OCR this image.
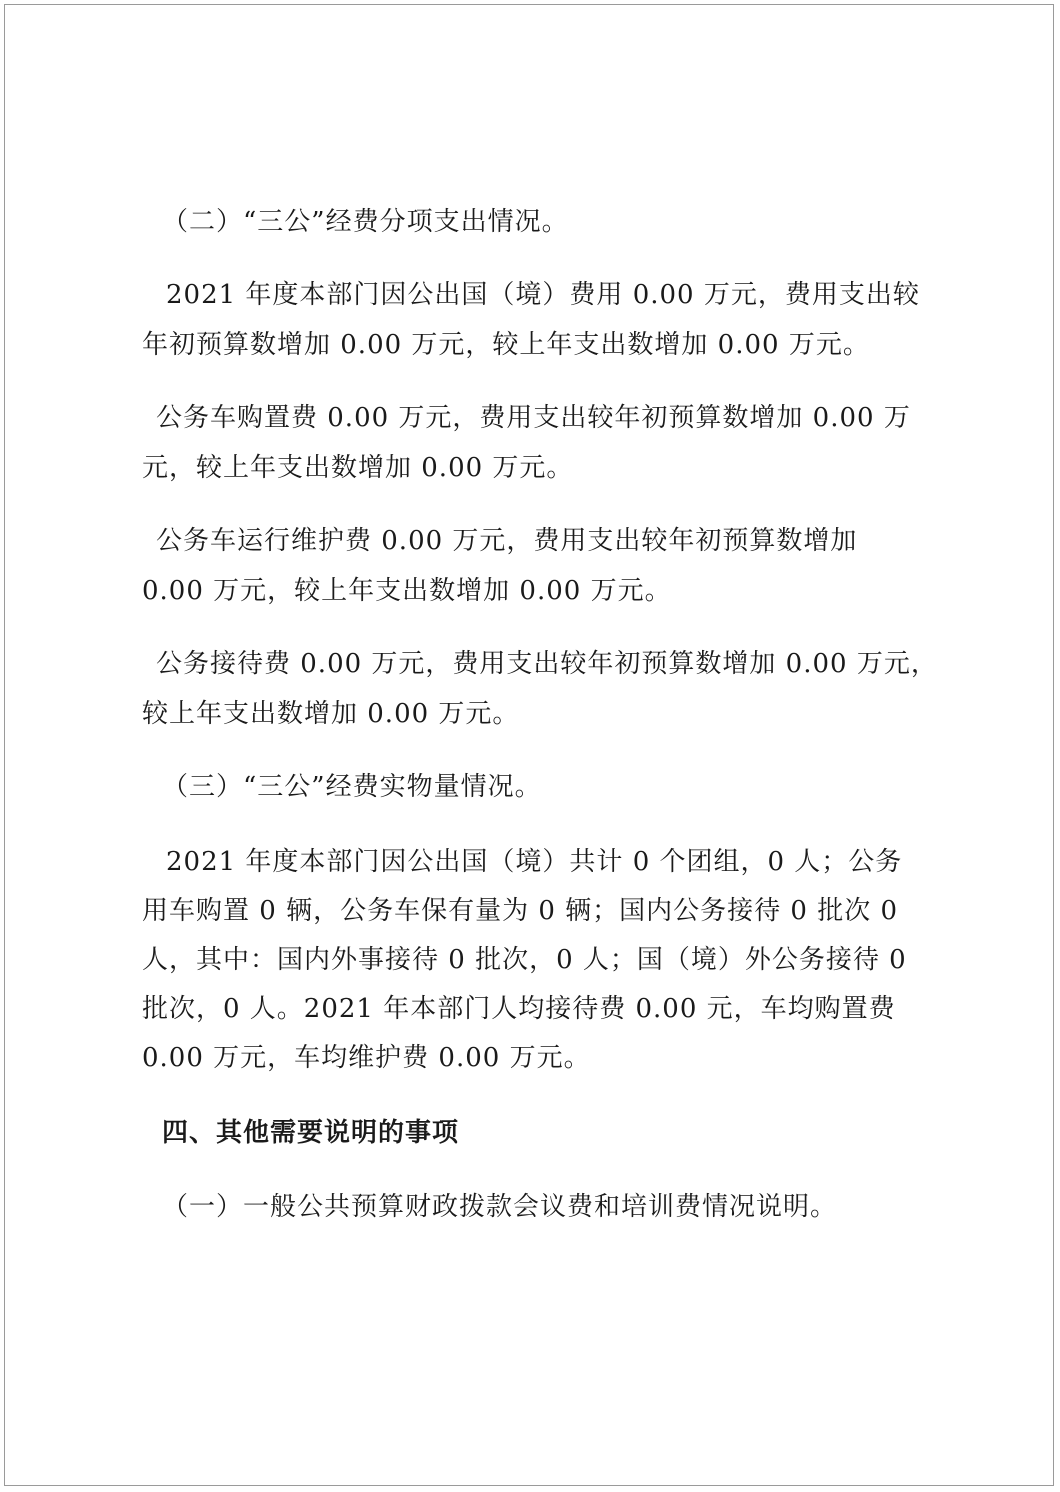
（二）“三公”经费分项支出情况。
2021 年度本部门因公出国（境）费用 0.00 万元，费用支出较
年初预算数增加 0.00 万元，较上年支出数增加 0.00 万元。
公务车购置费 0.00 万元，费用支出较年初预算数增加 0.00 万
元，较上年支出数增加 0.00 万元。
公务车运行维护费 0.00 万元，费用支出较年初预算数增加
0.00 万元，较上年支出数增加 0.00 万元。
公务接待费 0.00 万元，费用支出较年初预算数增加 0.00 万元，
较上年支出数增加 0.00 万元。
（三）“三公”经费实物量情况。
2021 年度本部门因公出国（境）共计 0 个团组，0 人；公务
用车购置 0 辆，公务车保有量为 0 辆；国内公务接待 0 批次 0
人，其中：国内外事接待 0 批次，0 人；国（境）外公务接待 0
批次，0 人。2021 年本部门人均接待费 0.00 元，车均购置费
0.00 万元，车均维护费 0.00 万元。
四、其他需要说明的事项
（一）一般公共预算财政拨款会议费和培训费情况说明。
